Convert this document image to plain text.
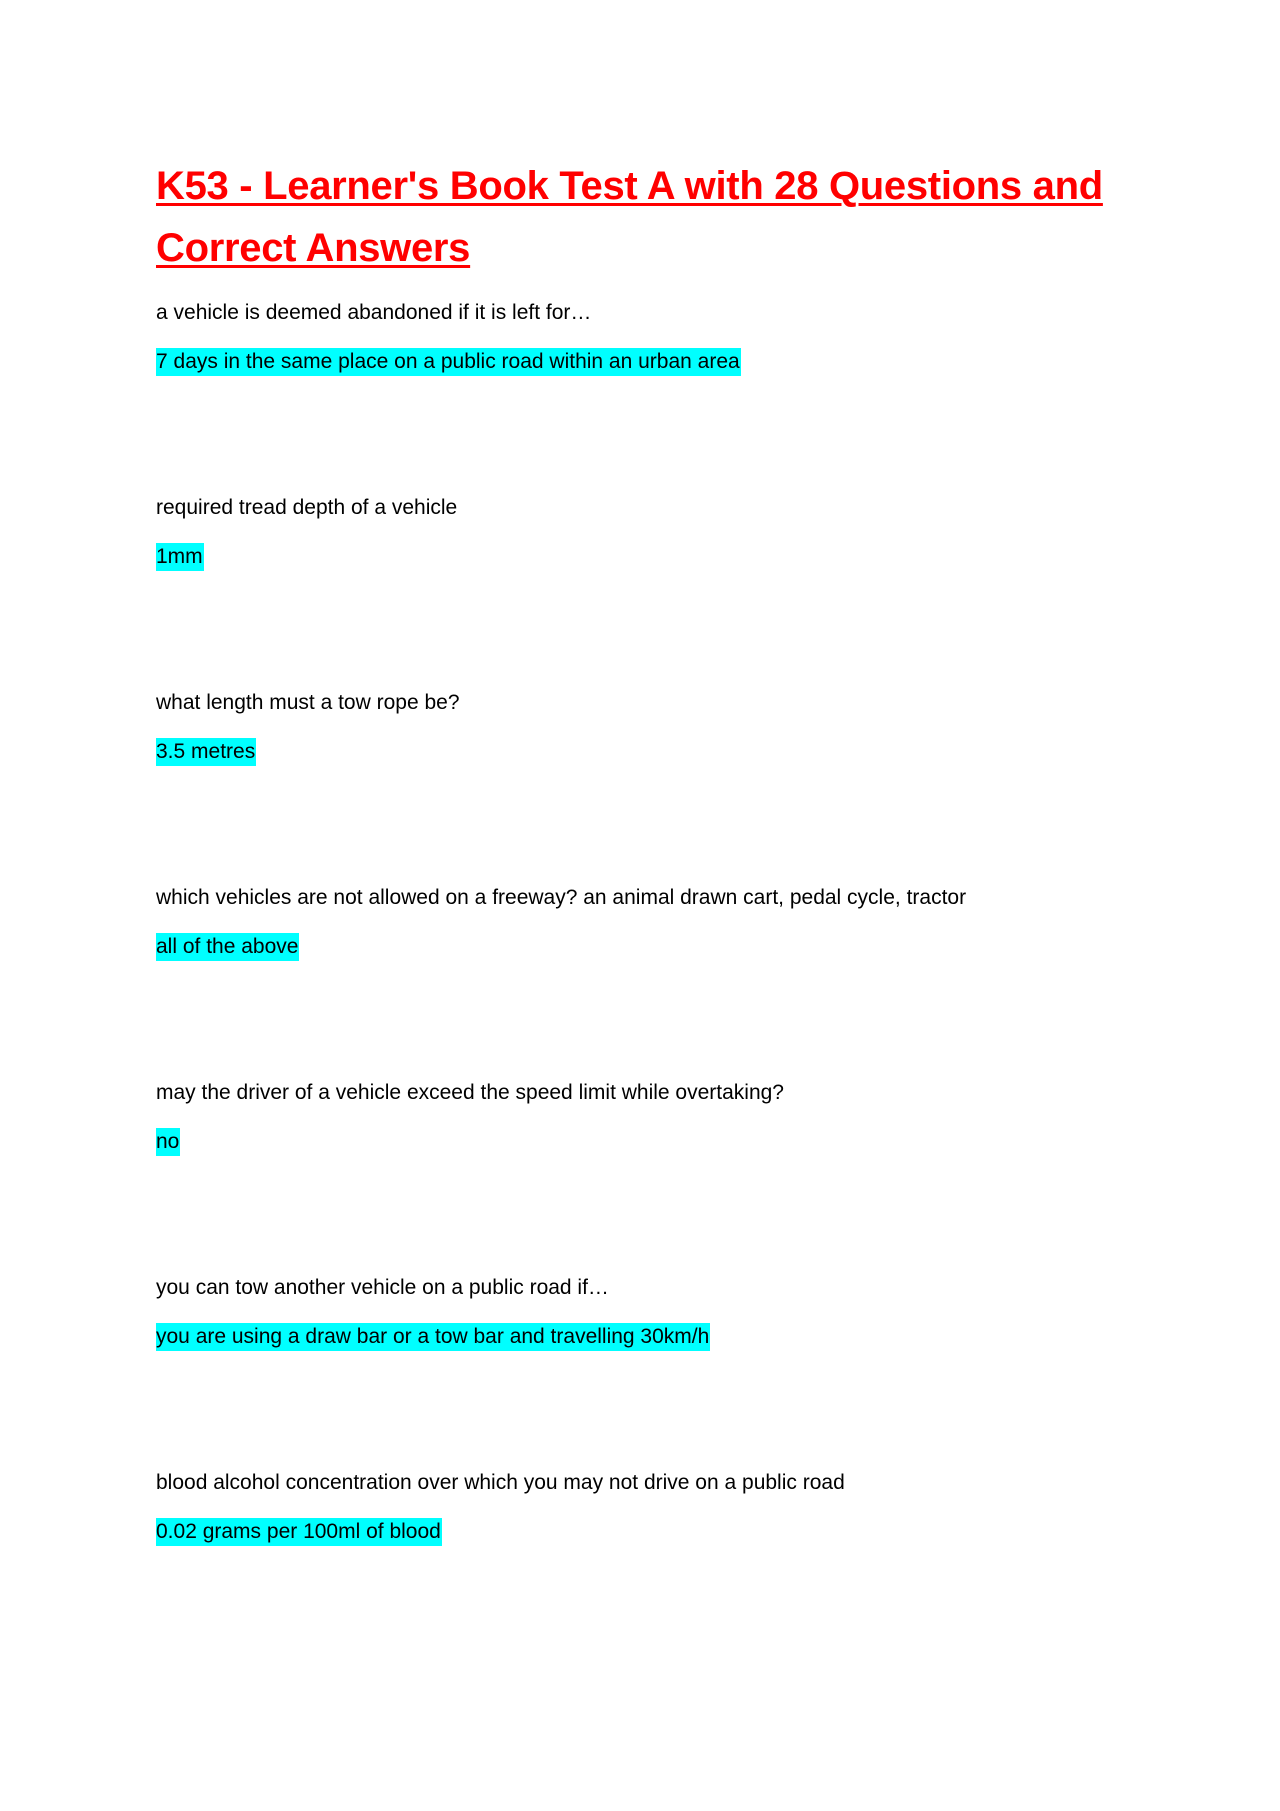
K53 - Learner's Book Test A with 28 Questions and Correct Answers
a vehicle is deemed abandoned if it is left for…
7 days in the same place on a public road within an urban area
required tread depth of a vehicle
1mm
what length must a tow rope be?
3.5 metres
which vehicles are not allowed on a freeway? an animal drawn cart, pedal cycle, tractor
all of the above
may the driver of a vehicle exceed the speed limit while overtaking?
no
you can tow another vehicle on a public road if…
you are using a draw bar or a tow bar and travelling 30km/h
blood alcohol concentration over which you may not drive on a public road
0.02 grams per 100ml of blood
